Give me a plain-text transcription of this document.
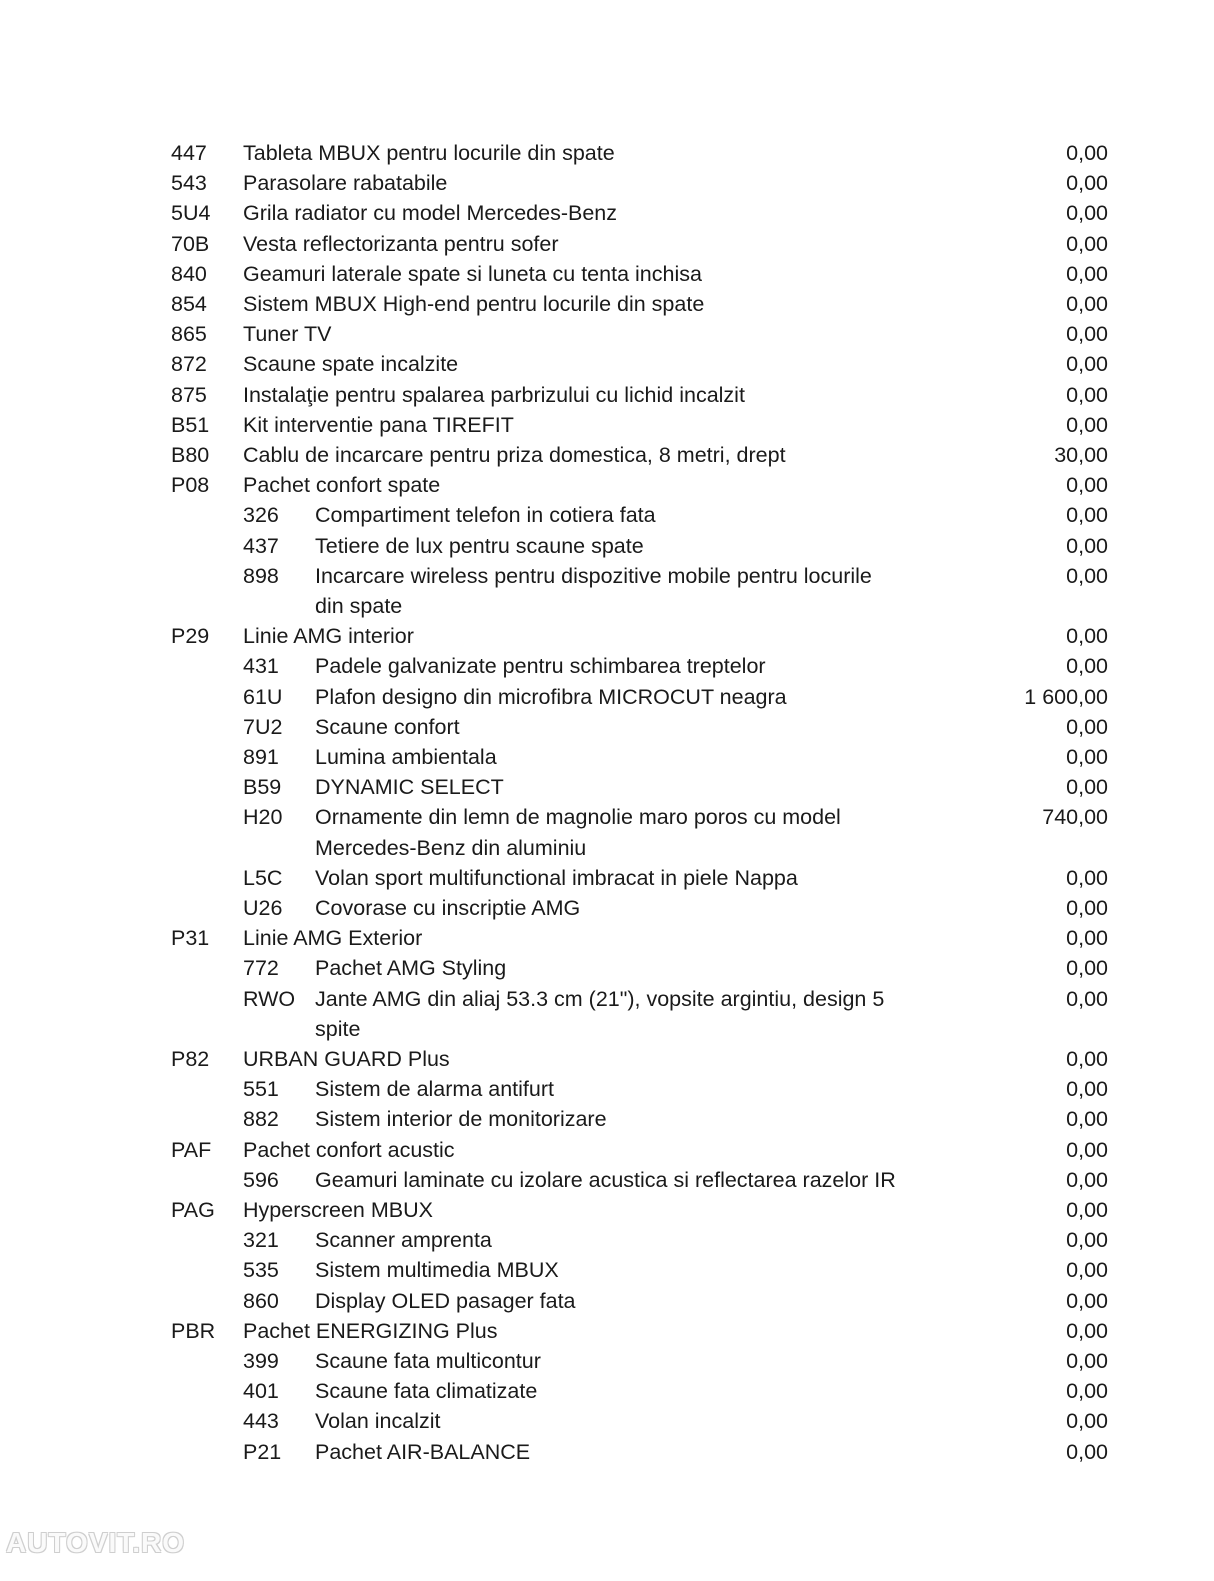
447 Tableta MBUX pentru locurile din spate	0,00
543 Parasolare rabatabile	0,00
5U4 Grila radiator cu model Mercedes-Benz	0,00
70B Vesta reflectorizanta pentru sofer	0,00
840 Geamuri laterale spate si luneta cu tenta inchisa	0,00
854 Sistem MBUX High-end pentru locurile din spate	0,00
865 Tuner TV	0,00
872 Scaune spate incalzite	0,00
875 Instalaţie pentru spalarea parbrizului cu lichid incalzit	0,00
B51 Kit interventie pana TIREFIT	0,00
B80 Cablu de incarcare pentru priza domestica, 8 metri, drept	30,00
P08 Pachet confort spate	0,00
326 Compartiment telefon in cotiera fata	0,00
437 Tetiere de lux pentru scaune spate	0,00
898 Incarcare wireless pentru dispozitive mobile pentru locurile	0,00
din spate
P29 Linie AMG interior	0,00
431 Padele galvanizate pentru schimbarea treptelor	0,00
61U Plafon designo din microfibra MICROCUT neagra	1 600,00
7U2 Scaune confort	0,00
891 Lumina ambientala	0,00
B59 DYNAMIC SELECT	0,00
H20 Ornamente din lemn de magnolie maro poros cu model	740,00
Mercedes-Benz din aluminiu
L5C Volan sport multifunctional imbracat in piele Nappa	0,00
U26 Covorase cu inscriptie AMG	0,00
P31 Linie AMG Exterior	0,00
772 Pachet AMG Styling	0,00
RWO Jante AMG din aliaj 53.3 cm (21"), vopsite argintiu, design 5	0,00
spite
P82 URBAN GUARD Plus	0,00
551 Sistem de alarma antifurt	0,00
882 Sistem interior de monitorizare	0,00
PAF Pachet confort acustic	0,00
596 Geamuri laminate cu izolare acustica si reflectarea razelor IR	0,00
PAG Hyperscreen MBUX	0,00
321 Scanner amprenta	0,00
535 Sistem multimedia MBUX	0,00
860 Display OLED pasager fata	0,00
PBR Pachet ENERGIZING Plus	0,00
399 Scaune fata multicontur	0,00
401 Scaune fata climatizate	0,00
443 Volan incalzit	0,00
P21 Pachet AIR-BALANCE	0,00
AUTOVIT.RO
